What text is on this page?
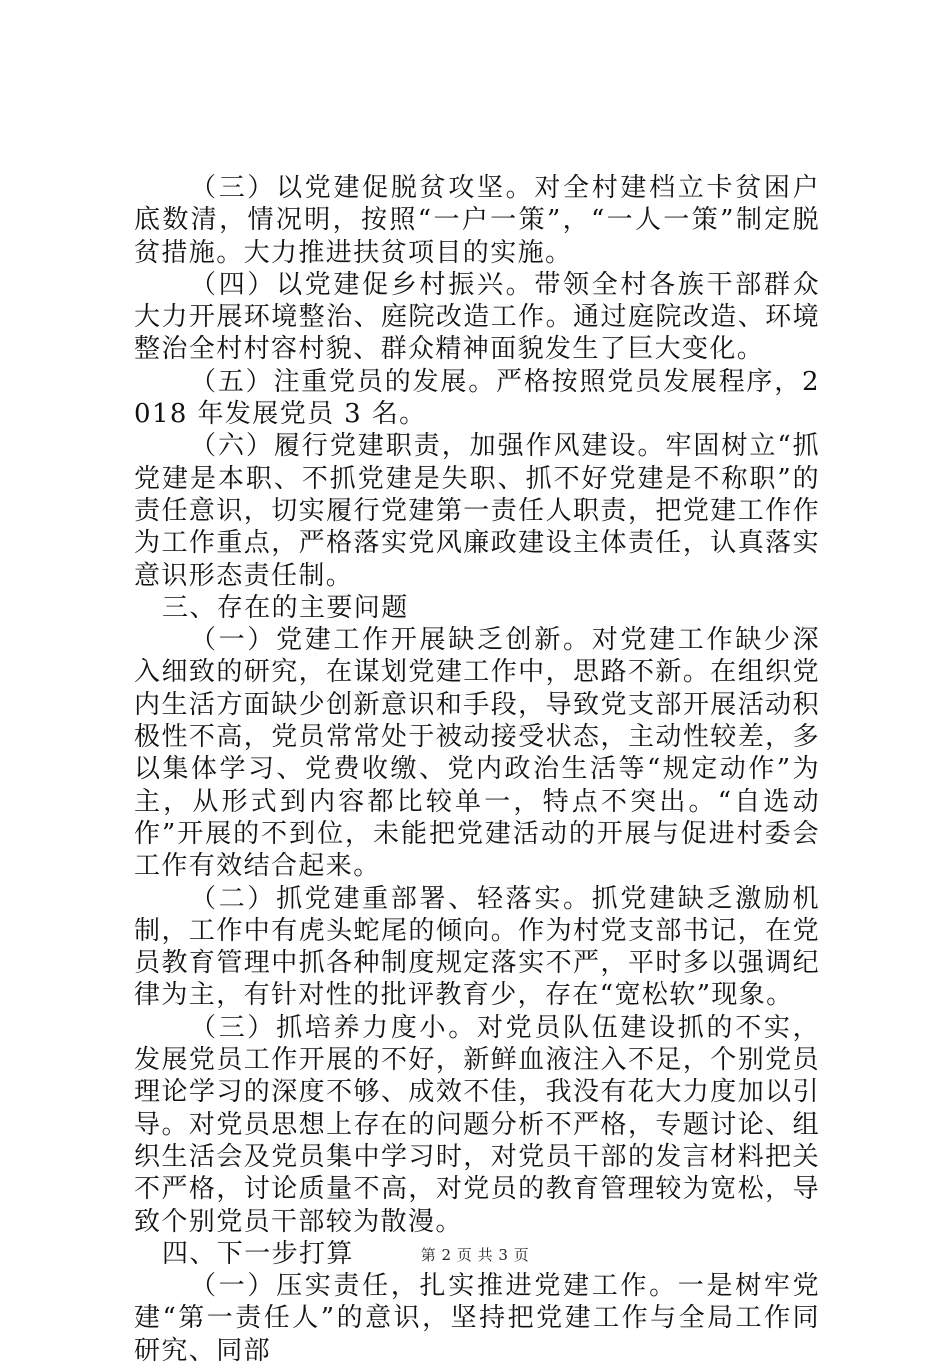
（三）以党建促脱贫攻坚。对全村建档立卡贫困户底数清，情况明，按照“一户一策”，“一人一策”制定脱贫措施。大力推进扶贫项目的实施。

（四）以党建促乡村振兴。带领全村各族干部群众大力开展环境整治、庭院改造工作。通过庭院改造、环境整治全村村容村貌、群众精神面貌发生了巨大变化。

（五）注重党员的发展。严格按照党员发展程序，2018 年发展党员 3 名。

（六）履行党建职责，加强作风建设。牢固树立“抓党建是本职、不抓党建是失职、抓不好党建是不称职”的责任意识，切实履行党建第一责任人职责，把党建工作作为工作重点，严格落实党风廉政建设主体责任，认真落实意识形态责任制。

三、存在的主要问题

（一）党建工作开展缺乏创新。对党建工作缺少深入细致的研究，在谋划党建工作中，思路不新。在组织党内生活方面缺少创新意识和手段，导致党支部开展活动积极性不高，党员常常处于被动接受状态，主动性较差，多以集体学习、党费收缴、党内政治生活等“规定动作”为主，从形式到内容都比较单一，特点不突出。“自选动作”开展的不到位，未能把党建活动的开展与促进村委会工作有效结合起来。

（二）抓党建重部署、轻落实。抓党建缺乏激励机制，工作中有虎头蛇尾的倾向。作为村党支部书记，在党员教育管理中抓各种制度规定落实不严，平时多以强调纪律为主，有针对性的批评教育少，存在“宽松软”现象。

（三）抓培养力度小。对党员队伍建设抓的不实，发展党员工作开展的不好，新鲜血液注入不足，个别党员理论学习的深度不够、成效不佳，我没有花大力度加以引导。对党员思想上存在的问题分析不严格，专题讨论、组织生活会及党员集中学习时，对党员干部的发言材料把关不严格，讨论质量不高，对党员的教育管理较为宽松，导致个别党员干部较为散漫。

四、下一步打算

（一）压实责任，扎实推进党建工作。一是树牢党建“第一责任人”的意识，坚持把党建工作与全局工作同研究、同部

第 2 页 共 3 页
